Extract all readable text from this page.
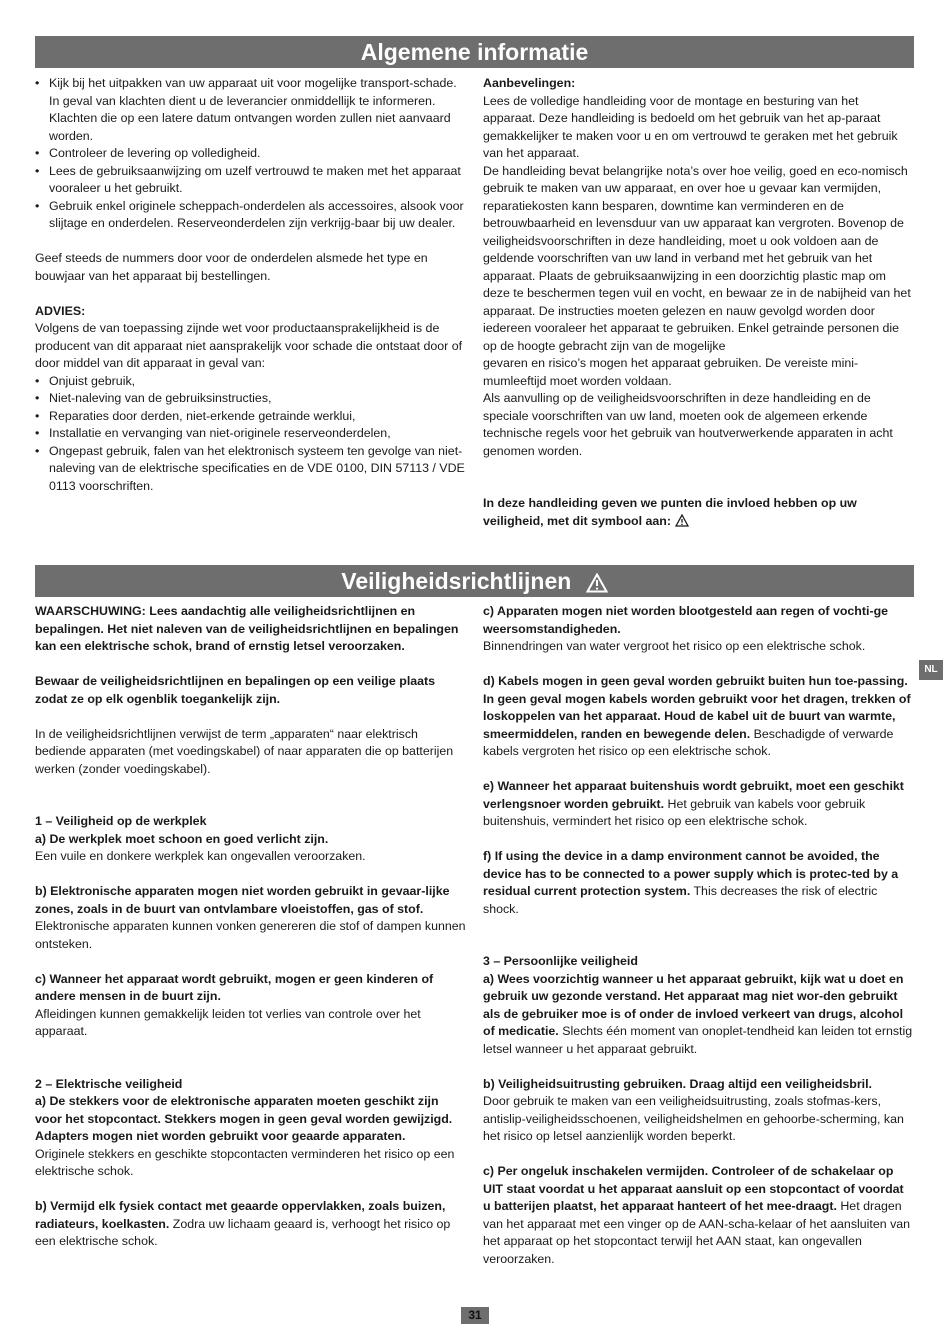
Algemene informatie
• Kijk bij het uitpakken van uw apparaat uit voor mogelijke transport-schade. In geval van klachten dient u de leverancier onmiddellijk te informeren. Klachten die op een latere datum ontvangen worden zullen niet aanvaard worden.
• Controleer de levering op volledigheid.
• Lees de gebruiksaanwijzing om uzelf vertrouwd te maken met het apparaat vooraleer u het gebruikt.
• Gebruik enkel originele scheppach-onderdelen als accessoires, alsook voor slijtage en onderdelen. Reserveonderdelen zijn verkrijg-baar bij uw dealer.

Geef steeds de nummers door voor de onderdelen alsmede het type en bouwjaar van het apparaat bij bestellingen.

ADVIES:

Volgens de van toepassing zijnde wet voor productaansprakelijkheid is de producent van dit apparaat niet aansprakelijk voor schade die ontstaat door of door middel van dit apparaat in geval van:

• Onjuist gebruik,
• Niet-naleving van de gebruiksinstructies,
• Reparaties door derden, niet-erkende getrainde werklui,
• Installatie en vervanging van niet-originele reserveonderdelen,
• Ongepast gebruik, falen van het elektronisch systeem ten gevolge van niet-naleving van de elektrische specificaties en de VDE 0100, DIN 57113 / VDE 0113 voorschriften.

Aanbevelingen:

Lees de volledige handleiding voor de montage en besturing van het apparaat. Deze handleiding is bedoeld om het gebruik van het ap-paraat gemakkelijker te maken voor u en om vertrouwd te geraken met het gebruik van het apparaat.

De handleiding bevat belangrijke nota’s over hoe veilig, goed en eco-nomisch gebruik te maken van uw apparaat, en over hoe u gevaar kan vermijden, reparatiekosten kann besparen, downtime kan verminderen en de betrouwbaarheid en levensduur van uw apparaat kan vergroten. Bovenop de veiligheidsvoorschriften in deze handleiding, moet u ook voldoen aan de geldende voorschriften van uw land in verband met het gebruik van het apparaat. Plaats de gebruiksaanwijzing in een doorzichtig plastic map om deze te beschermen tegen vuil en vocht, en bewaar ze in de nabijheid van het apparaat. De instructies moeten gelezen en nauw gevolgd worden door iedereen vooraleer het apparaat te gebruiken. Enkel getrainde personen die op de hoogte gebracht zijn van de mogelijke

gevaren en risico’s mogen het apparaat gebruiken. De vereiste mini-mumleeftijd moet worden voldaan.

Als aanvulling op de veiligheidsvoorschriften in deze handleiding en de speciale voorschriften van uw land, moeten ook de algemeen erkende technische regels voor het gebruik van houtverwerkende apparaten in acht genomen worden.

In deze handleiding geven we punten die invloed hebben op uw veiligheid, met dit symbool aan:

Veiligheidsrichtlijnen

WAARSCHUWING: Lees aandachtig alle veiligheidsrichtlijnen en bepalingen. Het niet naleven van de veiligheidsrichtlijnen en bepalingen kan een elektrische schok, brand of ernstig letsel veroorzaken.

Bewaar de veiligheidsrichtlijnen en bepalingen op een veilige plaats zodat ze op elk ogenblik toegankelijk zijn.

In de veiligheidsrichtlijnen verwijst de term „apparaten“ naar elektrisch bediende apparaten (met voedingskabel) of naar apparaten die op batterijen werken (zonder voedingskabel).

1 – Veiligheid op de werkplek

a) De werkplek moet schoon en goed verlicht zijn.

Een vuile en donkere werkplek kan ongevallen veroorzaken.

b) Elektronische apparaten mogen niet worden gebruikt in gevaar-lijke zones, zoals in de buurt van ontvlambare vloeistoffen, gas of stof.

Elektronische apparaten kunnen vonken genereren die stof of dampen kunnen ontsteken.

c) Wanneer het apparaat wordt gebruikt, mogen er geen kinderen of andere mensen in de buurt zijn.

Afleidingen kunnen gemakkelijk leiden tot verlies van controle over het apparaat.

2 – Elektrische veiligheid

a) De stekkers voor de elektronische apparaten moeten geschikt zijn voor het stopcontact. Stekkers mogen in geen geval worden gewijzigd.

Adapters mogen niet worden gebruikt voor geaarde apparaten.

Originele stekkers en geschikte stopcontacten verminderen het risico op een elektrische schok.

b) Vermijd elk fysiek contact met geaarde oppervlakken, zoals buizen, radiateurs, koelkasten. Zodra uw lichaam geaard is, verhoogt het risico op een elektrische schok.

c) Apparaten mogen niet worden blootgesteld aan regen of vochti-ge weersomstandigheden.

Binnendringen van water vergroot het risico op een elektrische schok.

d) Kabels mogen in geen geval worden gebruikt buiten hun toe-passing. In geen geval mogen kabels worden gebruikt voor het dragen, trekken of loskoppelen van het apparaat. Houd de kabel uit de buurt van warmte, smeermiddelen, randen en bewegende delen. Beschadigde of verwarde kabels vergroten het risico op een elektrische schok.

e) Wanneer het apparaat buitenshuis wordt gebruikt, moet een geschikt verlengsnoer worden gebruikt. Het gebruik van kabels voor gebruik buitenshuis, vermindert het risico op een elektrische schok.

f) If using the device in a damp environment cannot be avoided, the device has to be connected to a power supply which is protec-ted by a residual current protection system. This decreases the risk of electric shock.

3 – Persoonlijke veiligheid

a) Wees voorzichtig wanneer u het apparaat gebruikt, kijk wat u doet en gebruik uw gezonde verstand. Het apparaat mag niet wor-den gebruikt als de gebruiker moe is of onder de invloed verkeert van drugs, alcohol of medicatie. Slechts één moment van onoplet-tendheid kan leiden tot ernstig letsel wanneer u het apparaat gebruikt.

b) Veiligheidsuitrusting gebruiken. Draag altijd een veiligheidsbril.

Door gebruik te maken van een veiligheidsuitrusting, zoals stofmas-kers, antislip-veiligheidsschoenen, veiligheidshelmen en gehoorbe-scherming, kan het risico op letsel aanzienlijk worden beperkt.

c) Per ongeluk inschakelen vermijden. Controleer of de schakelaar op UIT staat voordat u het apparaat aansluit op een stopcontact of voordat u batterijen plaatst, het apparaat hanteert of het mee-draagt. Het dragen van het apparaat met een vinger op de AAN-scha-kelaar of het aansluiten van het apparaat op het stopcontact terwijl het AAN staat, kan ongevallen veroorzaken.

NL
31
